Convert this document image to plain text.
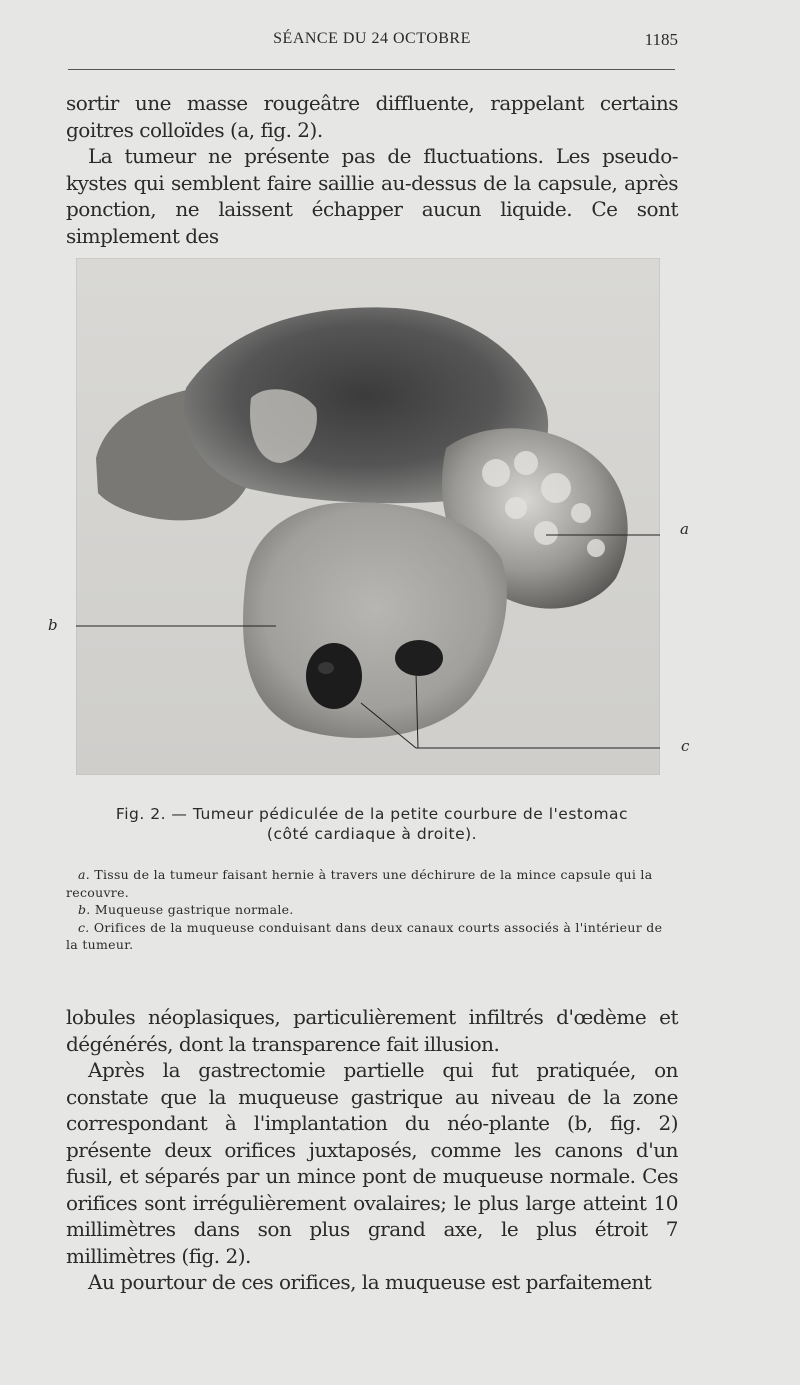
SÉANCE DU 24 OCTOBRE	1185

sortir une masse rougeâtre diffluente, rappelant certains goitres colloïdes (a, fig. 2).

La tumeur ne présente pas de fluctuations. Les pseudo-kystes qui semblent faire saillie au-dessus de la capsule, après ponction, ne laissent échapper aucun liquide. Ce sont simplement des

a
b
c
Fig. 2. — Tumeur pédiculée de la petite courbure de l'estomac
(côté cardiaque à droite).

a. Tissu de la tumeur faisant hernie à travers une déchirure de la mince capsule qui la recouvre.

b. Muqueuse gastrique normale.

c. Orifices de la muqueuse conduisant dans deux canaux courts associés à l'intérieur de la tumeur.

lobules néoplasiques, particulièrement infiltrés d'œdème et dégénérés, dont la transparence fait illusion.

Après la gastrectomie partielle qui fut pratiquée, on constate que la muqueuse gastrique au niveau de la zone correspondant à l'implantation du néo-plante (b, fig. 2) présente deux orifices juxtaposés, comme les canons d'un fusil, et séparés par un mince pont de muqueuse normale. Ces orifices sont irrégulièrement ovalaires; le plus large atteint 10 millimètres dans son plus grand axe, le plus étroit 7 millimètres (fig. 2).

Au pourtour de ces orifices, la muqueuse est parfaitement
